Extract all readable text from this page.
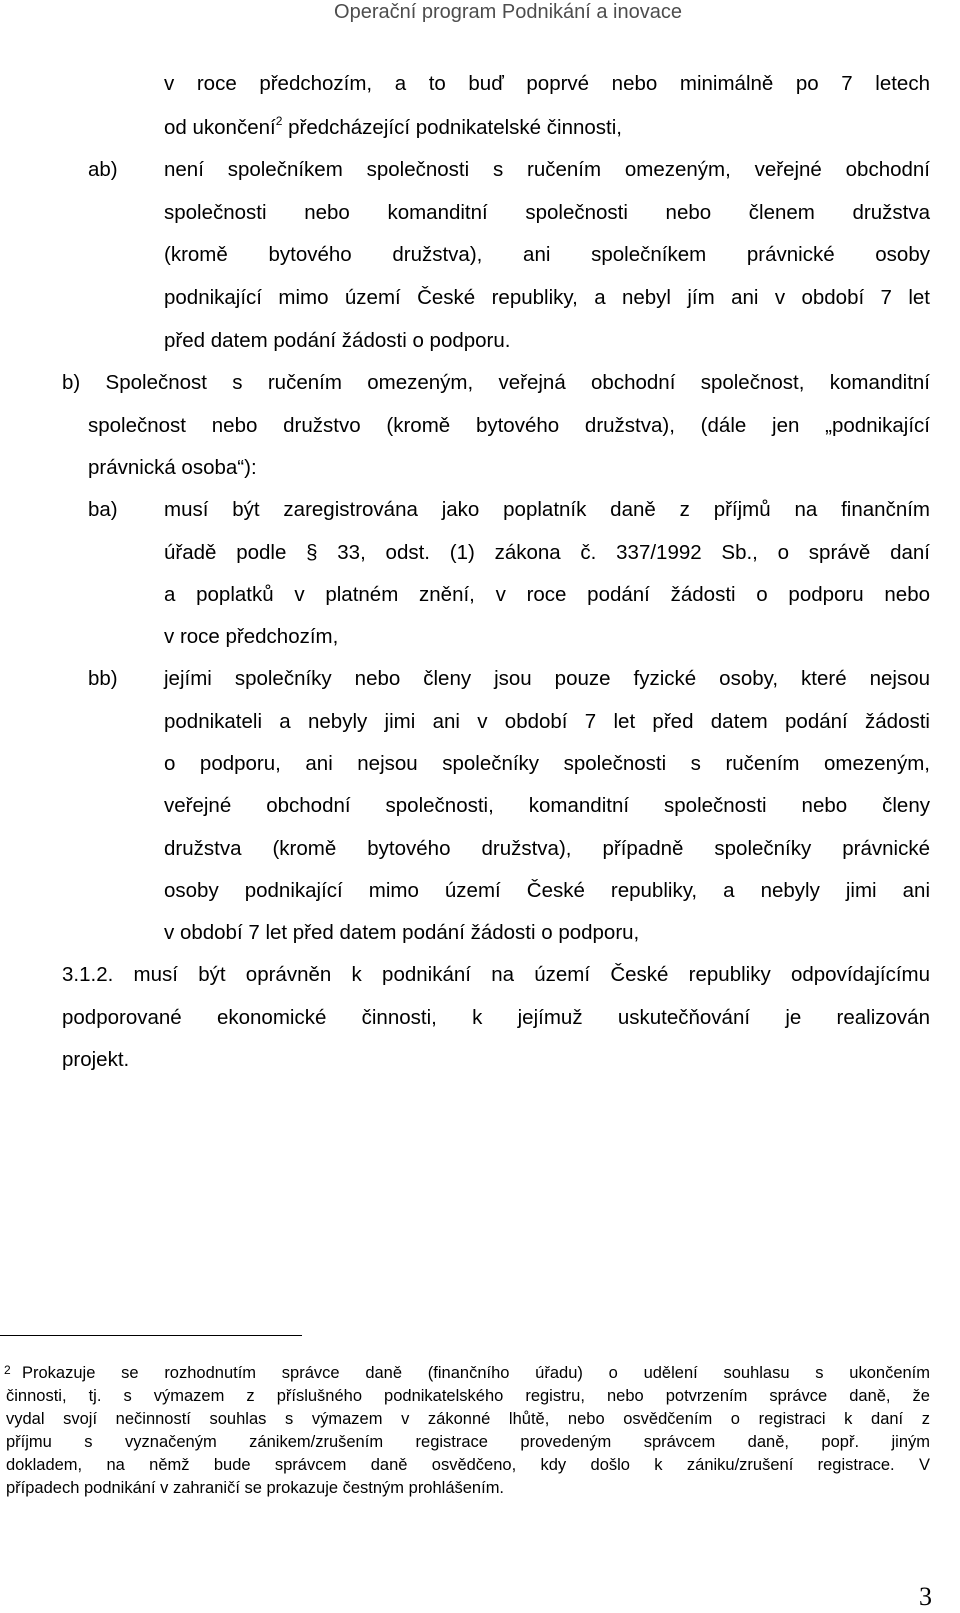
Operační program Podnikání a inovace
v roce předchozím, a to buď poprvé nebo minimálně po 7 letech
od ukončení$^2$ předcházející podnikatelské činnosti,
ab) není společníkem společnosti s ručením omezeným, veřejné obchodní
společnosti nebo komanditní společnosti nebo členem družstva
(kromě bytového družstva), ani společníkem právnické osoby
podnikající mimo území České republiky, a nebyl jím ani v období 7 let
před datem podání žádosti o podporu.
b) Společnost s ručením omezeným, veřejná obchodní společnost, komanditní
společnost nebo družstvo (kromě bytového družstva), (dále jen „podnikající
právnická osoba“):
ba) musí být zaregistrována jako poplatník daně z příjmů na finančním
úřadě podle § 33, odst. (1) zákona č. 337/1992 Sb., o správě daní
a poplatků v platném znění, v roce podání žádosti o podporu nebo
v roce předchozím,
bb) jejími společníky nebo členy jsou pouze fyzické osoby, které nejsou
podnikateli a nebyly jimi ani v období 7 let před datem podání žádosti
o podporu, ani nejsou společníky společnosti s ručením omezeným,
veřejné obchodní společnosti, komanditní společnosti nebo členy
družstva (kromě bytového družstva), případně společníky právnické
osoby podnikající mimo území České republiky, a nebyly jimi ani
v období 7 let před datem podání žádosti o podporu,
3.1.2. musí být oprávněn k podnikání na území České republiky odpovídajícímu
podporované ekonomické činnosti, k jejímuž uskutečňování je realizován
projekt.
2 Prokazuje se rozhodnutím správce daně (finančního úřadu) o udělení souhlasu s ukončením
činnosti, tj. s výmazem z příslušného podnikatelského registru, nebo potvrzením správce daně, že
vydal svojí nečinností souhlas s výmazem v zákonné lhůtě, nebo osvědčením o registraci k daní z
příjmu s vyznačeným zánikem/zrušením registrace provedeným správcem daně, popř. jiným
dokladem, na němž bude správcem daně osvědčeno, kdy došlo k zániku/zrušení registrace. V
případech podnikání v zahraničí se prokazuje čestným prohlášením.
3
